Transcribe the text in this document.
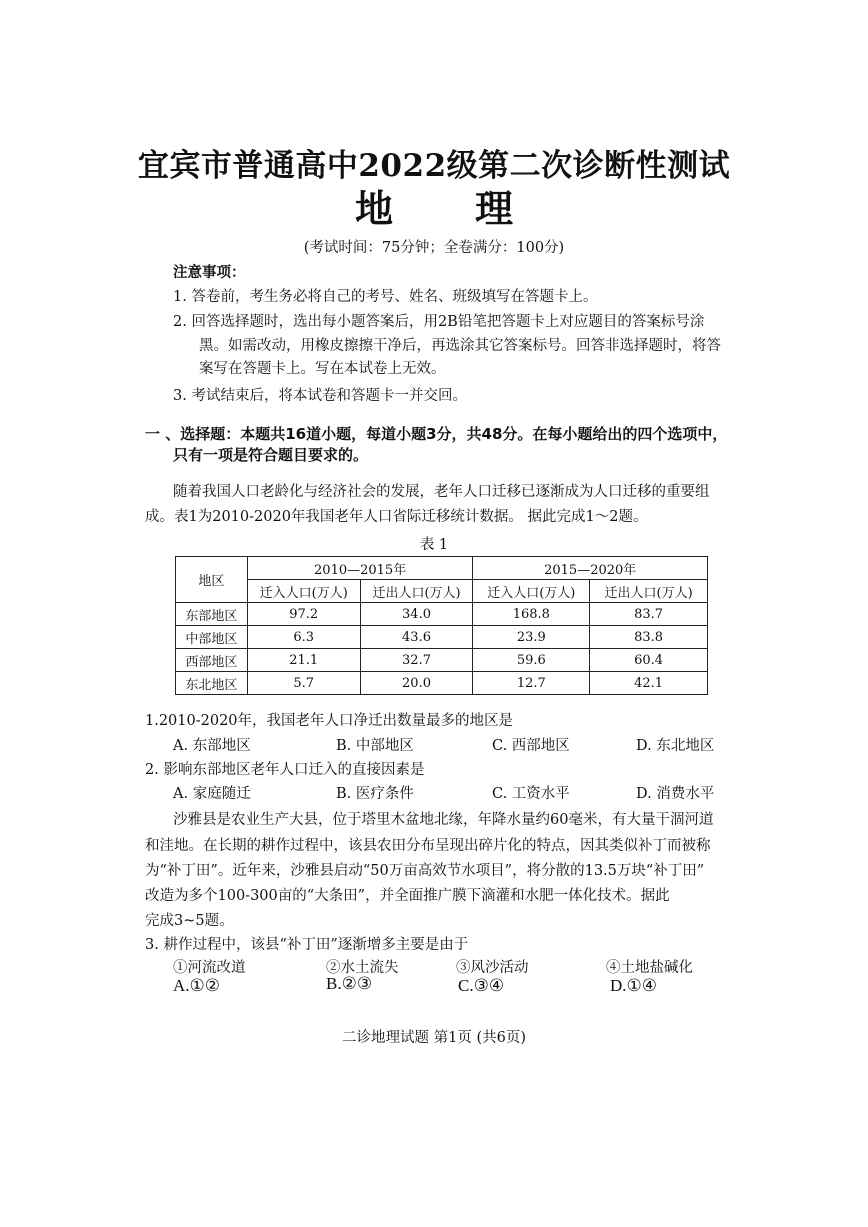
宜宾市普通高中2022级第二次诊断性测试
地　理
(考试时间：75分钟；全卷满分：100分)
注意事项：
1. 答卷前，考生务必将自己的考号、姓名、班级填写在答题卡上。
2. 回答选择题时，选出每小题答案后，用2B铅笔把答题卡上对应题目的答案标号涂
黑。如需改动，用橡皮擦擦干净后，再选涂其它答案标号。回答非选择题时，将答
案写在答题卡上。写在本试卷上无效。
3. 考试结束后，将本试卷和答题卡一并交回。
一 、选择题：本题共16道小题，每道小题3分，共48分。在每小题给出的四个选项中，
只有一项是符合题目要求的。
随着我国人口老龄化与经济社会的发展，老年人口迁移已逐渐成为人口迁移的重要组
成。表1为2010-2020年我国老年人口省际迁移统计数据。 据此完成1～2题。
表 1
地区	2010—2015年		2015—2020年	
	迁入人口(万人)	迁出人口(万人)	迁入人口(万人)	迁出人口(万人)
东部地区	97.2	34.0	168.8	83.7
中部地区	6.3	43.6	23.9	83.8
西部地区	21.1	32.7	59.6	60.4
东北地区	5.7	20.0	12.7	42.1
1.2010-2020年，我国老年人口净迁出数量最多的地区是
A. 东部地区	B. 中部地区	C. 西部地区	D. 东北地区
2. 影响东部地区老年人口迁入的直接因素是
A. 家庭随迁	B. 医疗条件	C. 工资水平	D. 消费水平
沙雅县是农业生产大县，位于塔里木盆地北缘，年降水量约60毫米，有大量干涸河道
和洼地。在长期的耕作过程中，该县农田分布呈现出碎片化的特点，因其类似补丁而被称
为“补丁田”。近年来，沙雅县启动“50万亩高效节水项目”，将分散的13.5万块“补丁田”
改造为多个100-300亩的“大条田”，并全面推广膜下滴灌和水肥一体化技术。据此
完成3~5题。
3. 耕作过程中，该县“补丁田”逐渐增多主要是由于
①河流改道	②水土流失	③风沙活动	④土地盐碱化
A.①②	B.②③	C.③④	D.①④
二诊地理试题 第1页 (共6页)
